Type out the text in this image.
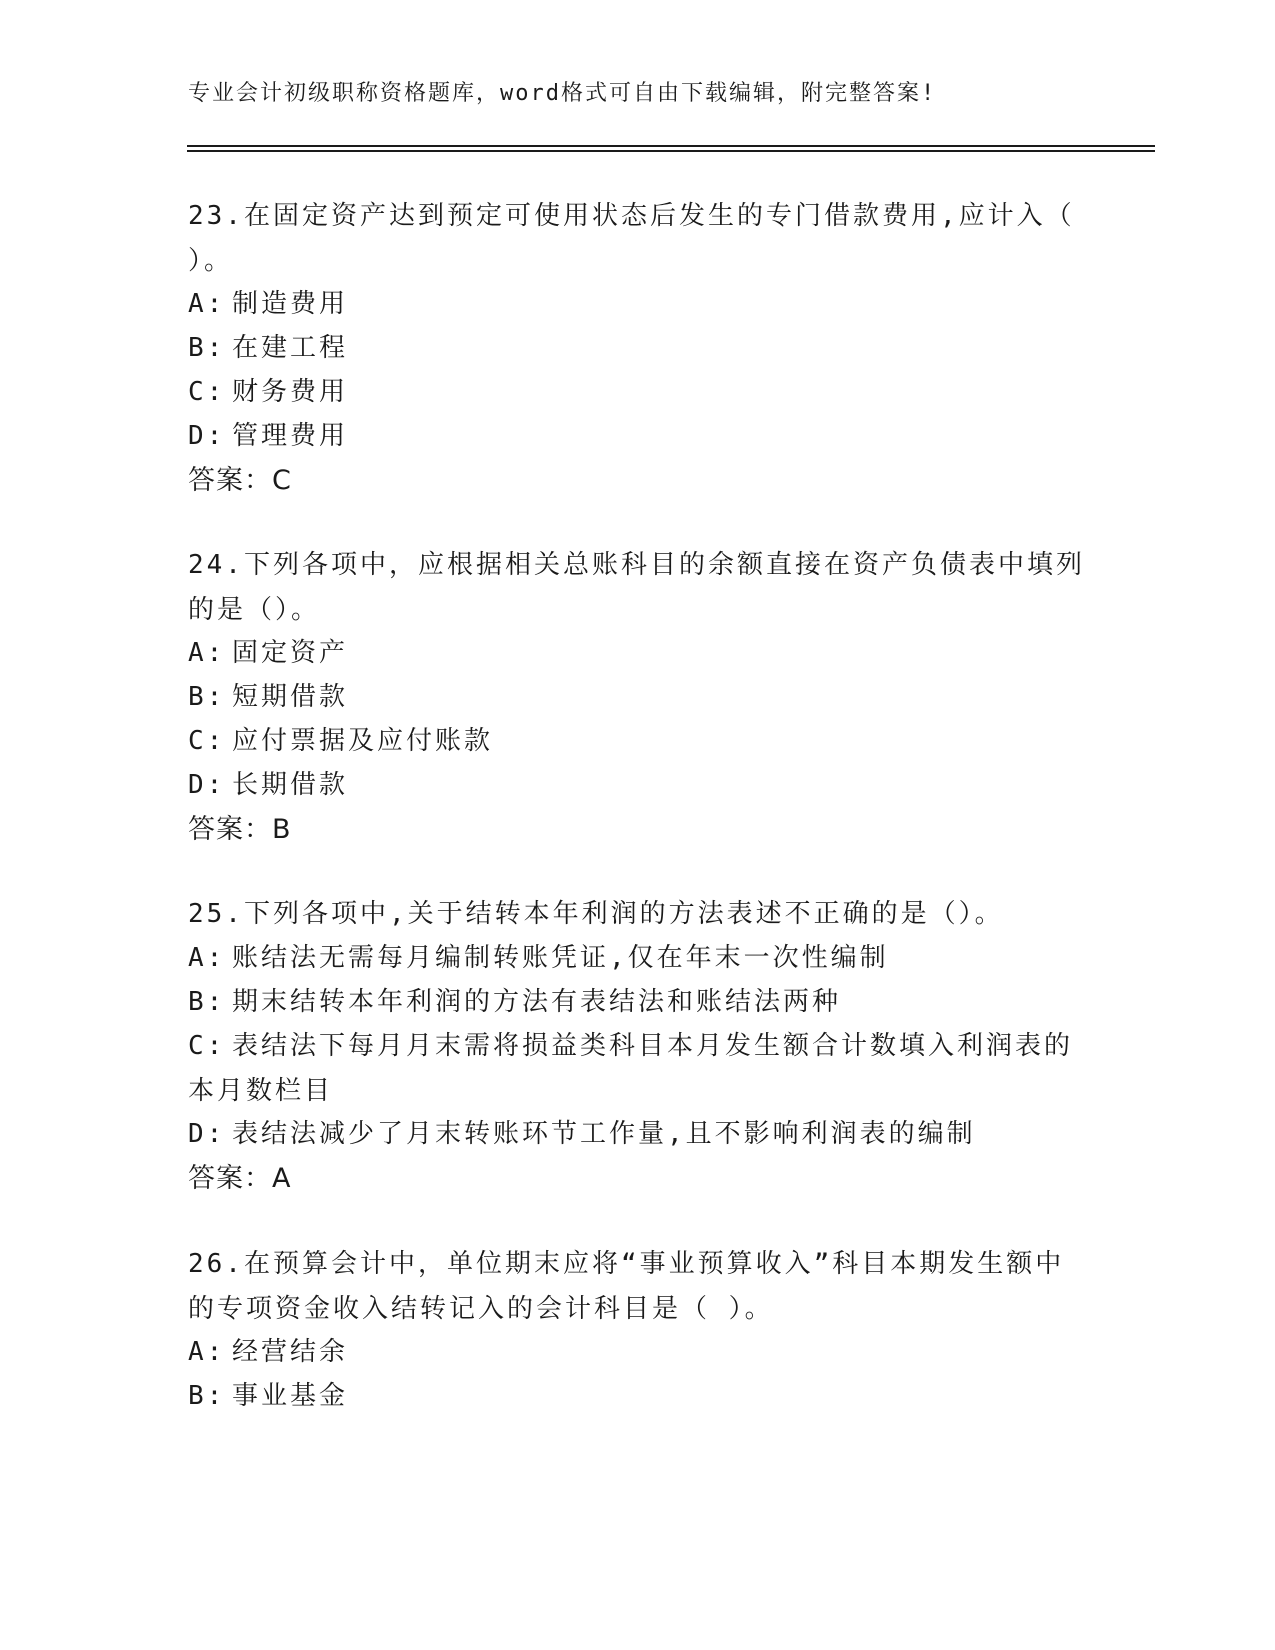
专业会计初级职称资格题库，word格式可自由下载编辑，附完整答案!
23.在固定资产达到预定可使用状态后发生的专门借款费用,应计入（ ）。
A: 制造费用
B: 在建工程
C: 财务费用
D: 管理费用
答案：C
24.下列各项中，应根据相关总账科目的余额直接在资产负债表中填列的是（）。
A: 固定资产
B: 短期借款
C: 应付票据及应付账款
D: 长期借款
答案：B
25.下列各项中,关于结转本年利润的方法表述不正确的是（）。
A: 账结法无需每月编制转账凭证,仅在年末一次性编制
B: 期末结转本年利润的方法有表结法和账结法两种
C: 表结法下每月月末需将损益类科目本月发生额合计数填入利润表的本月数栏目
D: 表结法减少了月末转账环节工作量,且不影响利润表的编制
答案：A
26.在预算会计中，单位期末应将“事业预算收入”科目本期发生额中的专项资金收入结转记入的会计科目是（ ）。
A: 经营结余
B: 事业基金
